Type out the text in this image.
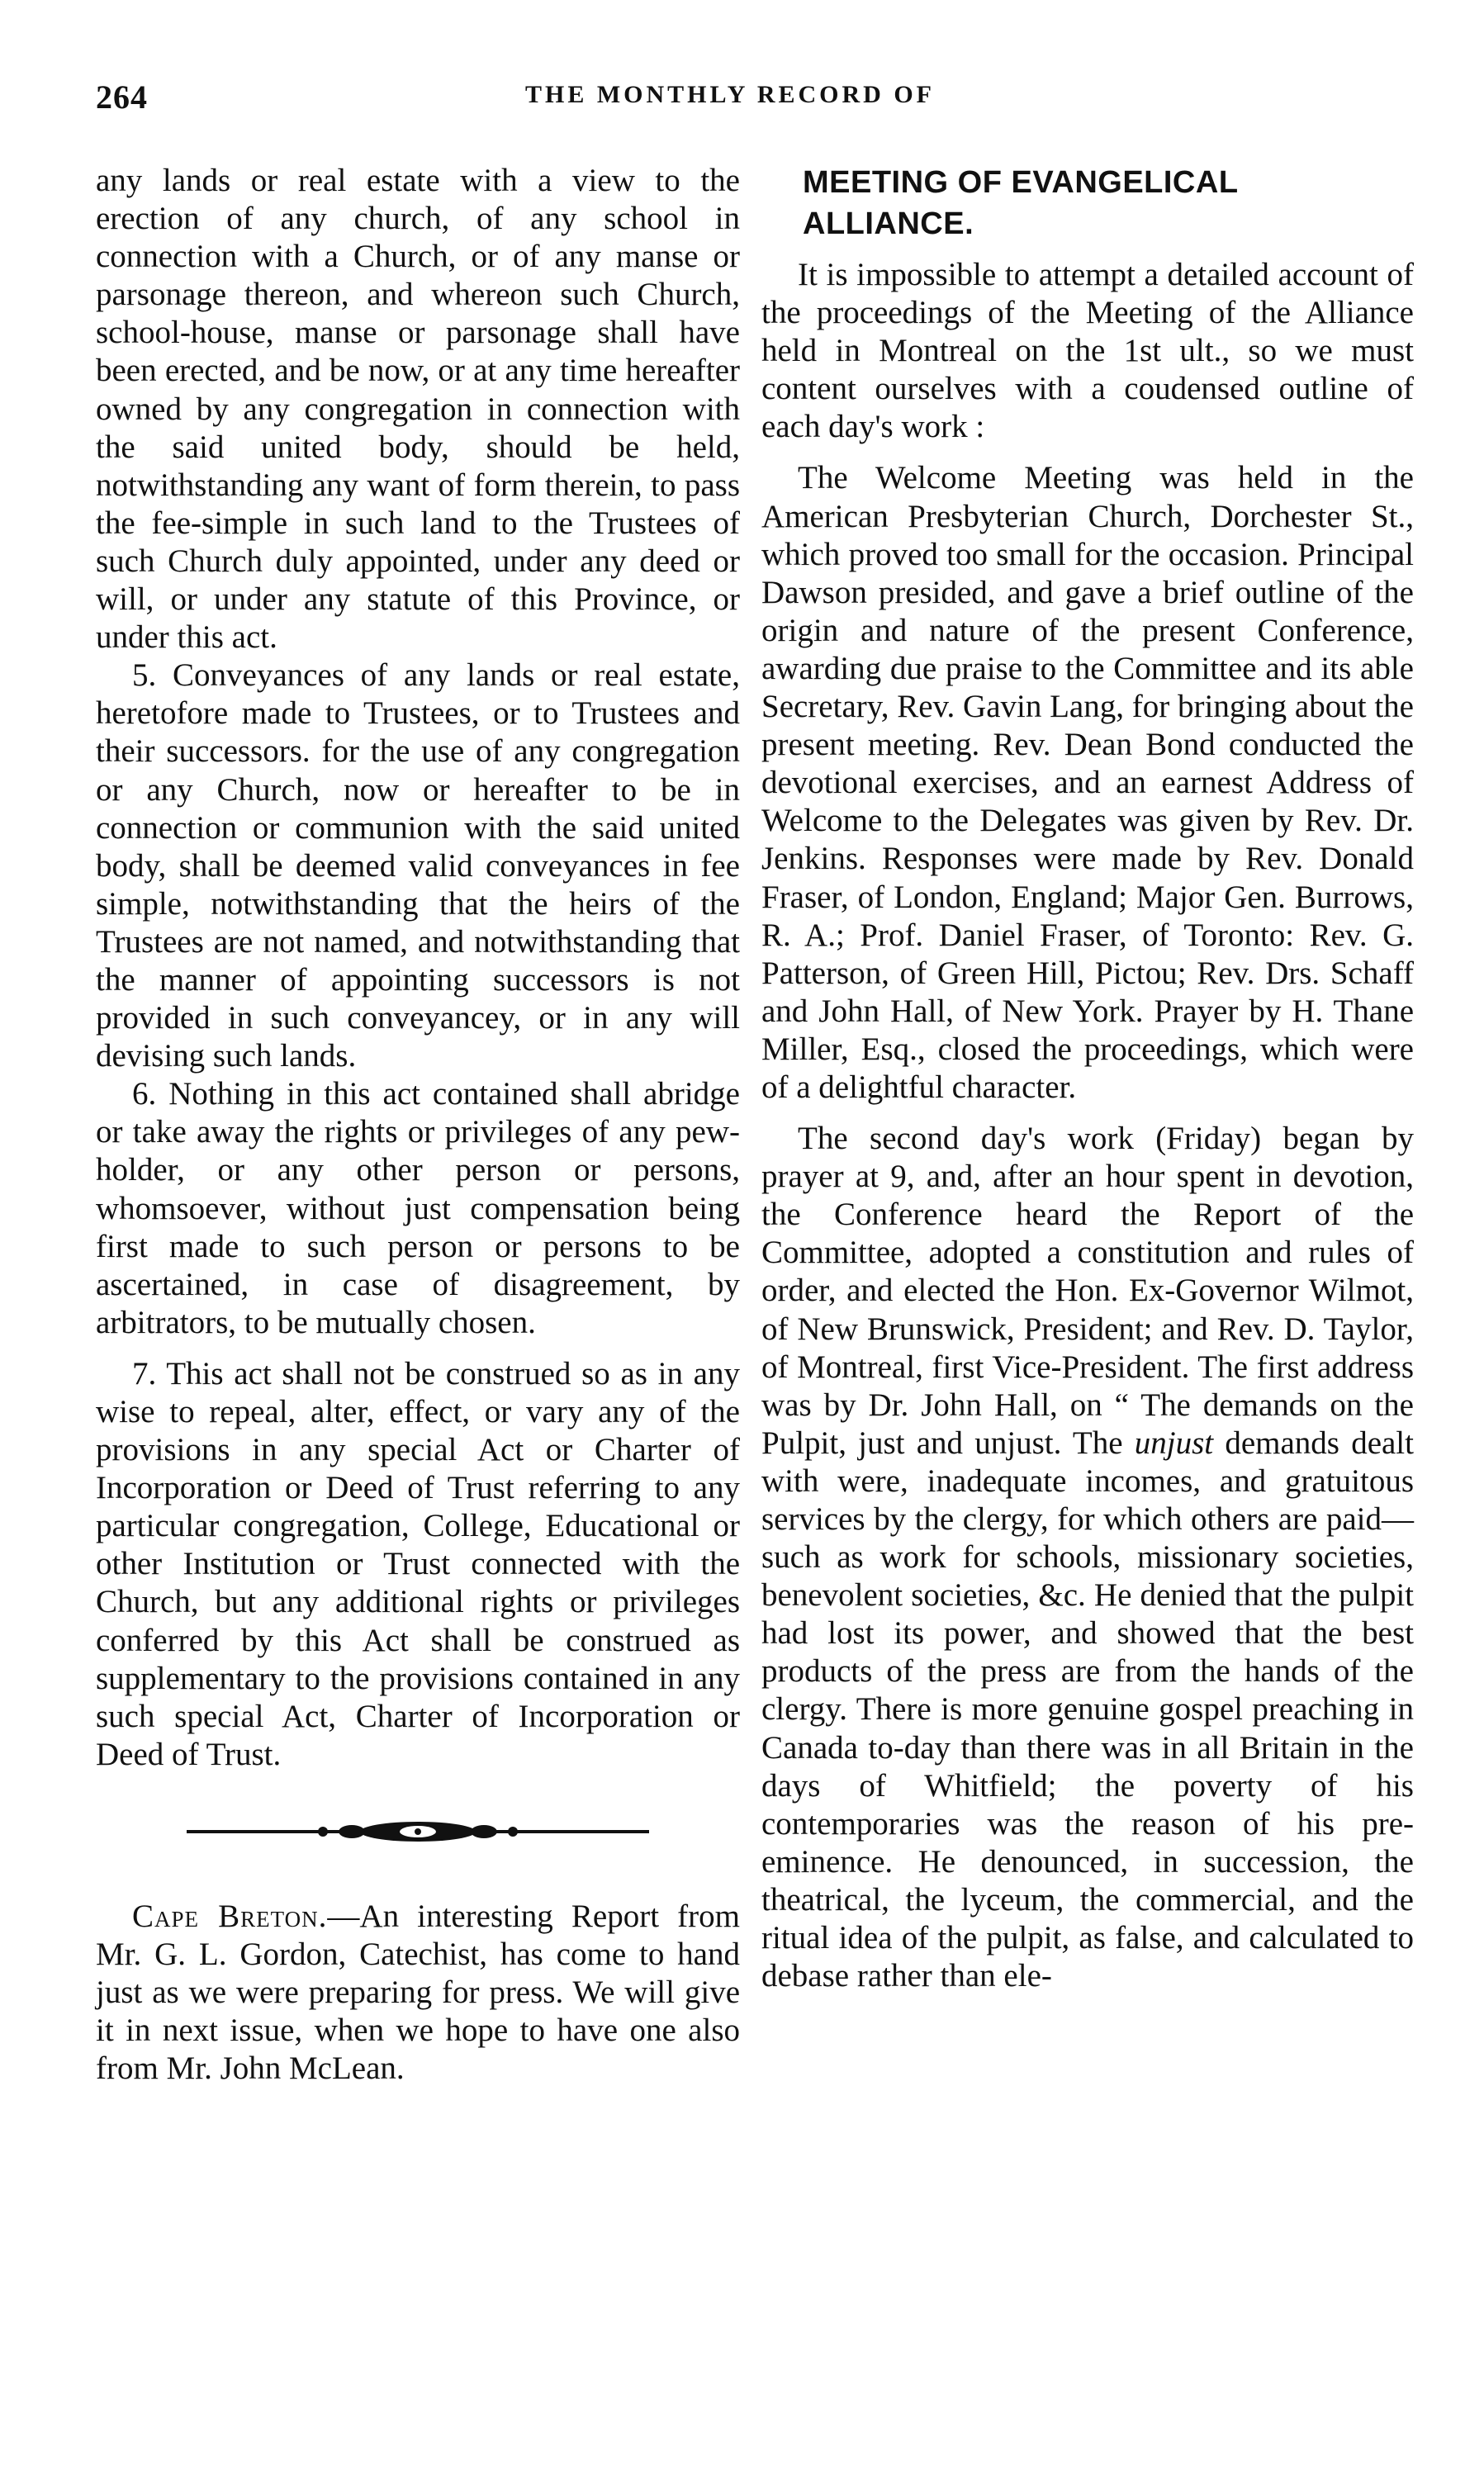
264	THE MONTHLY RECORD OF

any lands or real estate with a view to the erection of any church, of any school in connection with a Church, or of any manse or parsonage thereon, and whereon such Church, school-house, manse or parsonage shall have been erected, and be now, or at any time hereafter owned by any congregation in connection with the said united body, should be held, notwithstanding any want of form therein, to pass the fee-simple in such land to the Trustees of such Church duly appointed, under any deed or will, or under any statute of this Province, or under this act.

5. Conveyances of any lands or real estate, heretofore made to Trustees, or to Trustees and their successors. for the use of any congregation or any Church, now or hereafter to be in connection or communion with the said united body, shall be deemed valid conveyances in fee simple, notwithstanding that the heirs of the Trustees are not named, and notwithstanding that the manner of appointing successors is not provided in such conveyancey, or in any will devising such lands.

6. Nothing in this act contained shall abridge or take away the rights or privileges of any pew-holder, or any other person or persons, whomsoever, without just compensation being first made to such person or persons to be ascertained, in case of disagreement, by arbitrators, to be mutually chosen.

7. This act shall not be construed so as in any wise to repeal, alter, effect, or vary any of the provisions in any special Act or Charter of Incorporation or Deed of Trust referring to any particular congregation, College, Educational or other Institution or Trust connected with the Church, but any additional rights or privileges conferred by this Act shall be construed as supplementary to the provisions contained in any such special Act, Charter of Incorporation or Deed of Trust.

Cape Breton.—An interesting Report from Mr. G. L. Gordon, Catechist, has come to hand just as we were preparing for press. We will give it in next issue, when we hope to have one also from Mr. John McLean.

MEETING OF EVANGELICAL ALLIANCE.

It is impossible to attempt a detailed account of the proceedings of the Meeting of the Alliance held in Montreal on the 1st ult., so we must content ourselves with a coudensed outline of each day's work :

The Welcome Meeting was held in the American Presbyterian Church, Dorchester St., which proved too small for the occasion. Principal Dawson presided, and gave a brief outline of the origin and nature of the present Conference, awarding due praise to the Committee and its able Secretary, Rev. Gavin Lang, for bringing about the present meeting. Rev. Dean Bond conducted the devotional exercises, and an earnest Address of Welcome to the Delegates was given by Rev. Dr. Jenkins. Responses were made by Rev. Donald Fraser, of London, England; Major Gen. Burrows, R. A.; Prof. Daniel Fraser, of Toronto: Rev. G. Patterson, of Green Hill, Pictou; Rev. Drs. Schaff and John Hall, of New York. Prayer by H. Thane Miller, Esq., closed the proceedings, which were of a delightful character.

The second day's work (Friday) began by prayer at 9, and, after an hour spent in devotion, the Conference heard the Report of the Committee, adopted a constitution and rules of order, and elected the Hon. Ex-Governor Wilmot, of New Brunswick, President; and Rev. D. Taylor, of Montreal, first Vice-President. The first address was by Dr. John Hall, on “ The demands on the Pulpit, just and unjust. The unjust demands dealt with were, inadequate incomes, and gratuitous services by the clergy, for which others are paid—such as work for schools, missionary societies, benevolent societies, &c. He denied that the pulpit had lost its power, and showed that the best products of the press are from the hands of the clergy. There is more genuine gospel preaching in Canada to-day than there was in all Britain in the days of Whitfield; the poverty of his contemporaries was the reason of his pre-eminence. He denounced, in succession, the theatrical, the lyceum, the commercial, and the ritual idea of the pulpit, as false, and calculated to debase rather than ele-
